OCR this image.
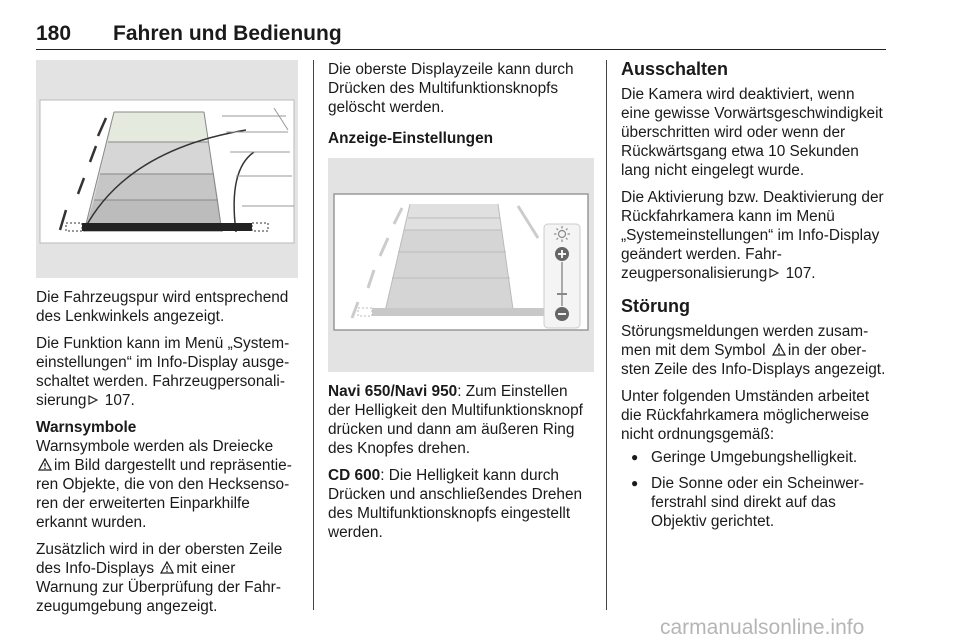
180 Fahren und Bedienung

Die Fahrzeugspur wird entsprechend des Lenkwinkels angezeigt.

Die Funktion kann im Menü „Systemeinstellungen“ im Info-Display ausgeschaltet werden. Fahrzeugpersonalisierung 107.

Warnsymbole

Warnsymbole werden als Dreiecke
im Bild dargestellt und repräsentieren Objekte, die von den Hecksensoren der erweiterten Einparkhilfe erkannt wurden.

Zusätzlich wird in der obersten Zeile des Info-Displays mit einer Warnung zur Überprüfung der Fahrzeugumgebung angezeigt.

Die oberste Displayzeile kann durch Drücken des Multifunktionsknopfs gelöscht werden.

Anzeige-Einstellungen

Navi 650/Navi 950: Zum Einstellen der Helligkeit den Multifunktionsknopf drücken und dann am äußeren Ring des Knopfes drehen.

CD 600: Die Helligkeit kann durch Drücken und anschließendes Drehen des Multifunktionsknopfs eingestellt werden.

Ausschalten

Die Kamera wird deaktiviert, wenn eine gewisse Vorwärtsgeschwindigkeit überschritten wird oder wenn der Rückwärtsgang etwa 10 Sekunden lang nicht eingelegt wurde.

Die Aktivierung bzw. Deaktivierung der Rückfahrkamera kann im Menü „Systemeinstellungen“ im Info-Display geändert werden. Fahrzeugpersonalisierung 107.

Störung

Störungsmeldungen werden zusammen mit dem Symbol in der obersten Zeile des Info-Displays angezeigt.

Unter folgenden Umständen arbeitet die Rückfahrkamera möglicherweise nicht ordnungsgemäß:

● Geringe Umgebungshelligkeit.
● Die Sonne oder ein Scheinwerferstrahl sind direkt auf das Objektiv gerichtet.
carmanualsonline.info
